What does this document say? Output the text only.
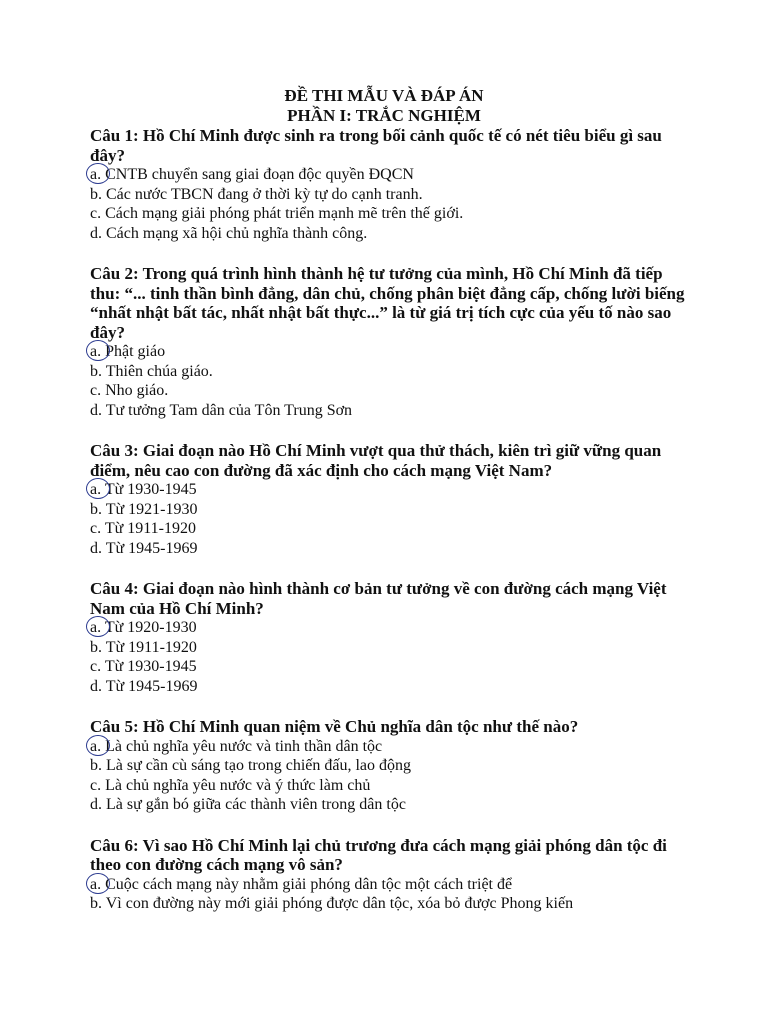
ĐỀ THI MẪU VÀ ĐÁP ÁN

PHẦN I: TRẮC NGHIỆM

Câu 1: Hồ Chí Minh được sinh ra trong bối cảnh quốc tế có nét tiêu biểu gì sau đây?

a. CNTB chuyển sang giai đoạn độc quyền ĐQCN

b. Các nước TBCN đang ở thời kỳ tự do cạnh tranh.

c. Cách mạng giải phóng phát triển mạnh mẽ trên thế giới.

d. Cách mạng xã hội chủ nghĩa thành công.

Câu 2: Trong quá trình hình thành hệ tư tưởng của mình, Hồ Chí Minh đã tiếp thu: “... tinh thần bình đẳng, dân chủ, chống phân biệt đẳng cấp, chống lười biếng “nhất nhật bất tác, nhất nhật bất thực...” là từ giá trị tích cực của yếu tố nào sao đây?

a. Phật giáo

b. Thiên chúa giáo.

c. Nho giáo.

d. Tư tưởng Tam dân của Tôn Trung Sơn

Câu 3: Giai đoạn nào Hồ Chí Minh vượt qua thử thách, kiên trì giữ vững quan điểm, nêu cao con đường đã xác định cho cách mạng Việt Nam?

a. Từ 1930-1945

b. Từ 1921-1930

c. Từ 1911-1920

d. Từ 1945-1969

Câu 4: Giai đoạn nào hình thành cơ bản tư tưởng về con đường cách mạng Việt Nam của Hồ Chí Minh?

a. Từ 1920-1930

b. Từ 1911-1920

c. Từ 1930-1945

d. Từ 1945-1969

Câu 5: Hồ Chí Minh quan niệm về Chủ nghĩa dân tộc như thế nào?

a. Là chủ nghĩa yêu nước và tinh thần dân tộc

b. Là sự cần cù sáng tạo trong chiến đấu, lao động

c. Là chủ nghĩa yêu nước và ý thức làm chủ

d. Là sự gắn bó giữa các thành viên trong dân tộc

Câu 6: Vì sao Hồ Chí Minh lại chủ trương đưa cách mạng giải phóng dân tộc đi theo con đường cách mạng vô sản?

a. Cuộc cách mạng này nhằm giải phóng dân tộc một cách triệt để

b. Vì con đường này mới giải phóng được dân tộc, xóa bỏ được Phong kiến
